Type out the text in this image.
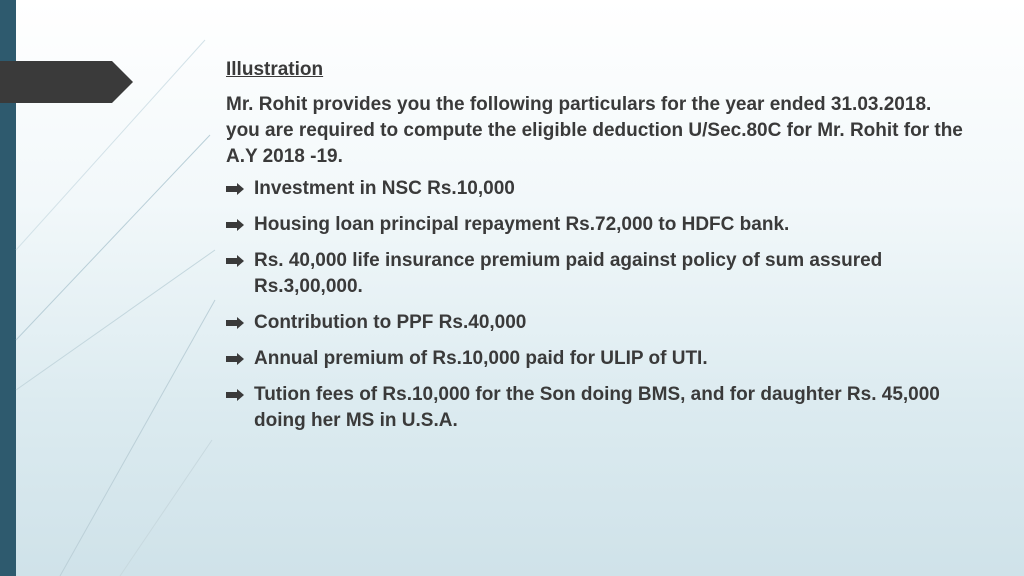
Illustration
Mr. Rohit provides you the following particulars for the year ended 31.03.2018. you are required to compute the eligible deduction U/Sec.80C for Mr. Rohit for the A.Y 2018 -19.
Investment in NSC Rs.10,000
Housing loan principal repayment Rs.72,000 to HDFC bank.
Rs. 40,000 life insurance premium paid against policy of sum assured Rs.3,00,000.
Contribution to PPF Rs.40,000
Annual premium of Rs.10,000 paid for ULIP of UTI.
Tution fees of Rs.10,000 for the Son doing BMS, and for daughter Rs. 45,000 doing her MS in U.S.A.
